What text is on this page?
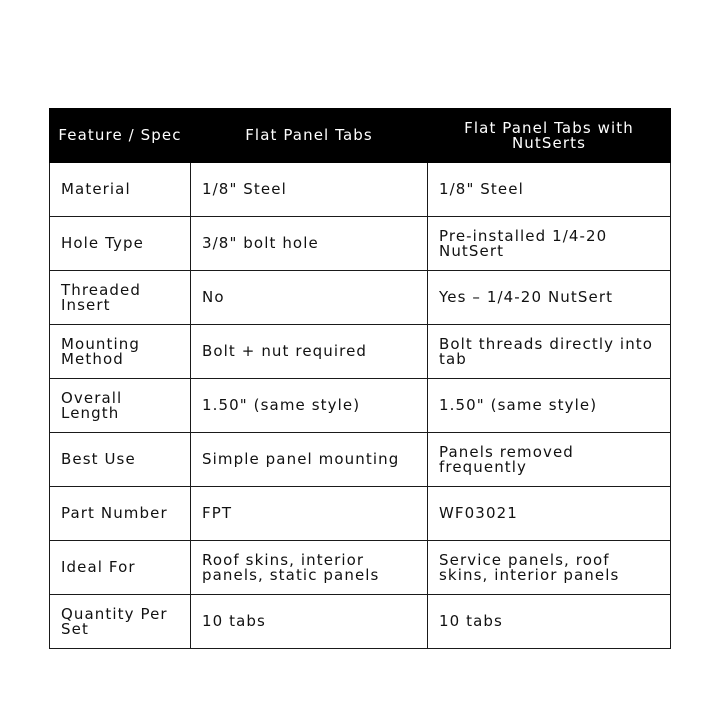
Feature / Spec	Flat Panel Tabs	Flat Panel Tabs with NutSerts
Material	1/8" Steel	1/8" Steel
Hole Type	3/8" bolt hole	Pre-installed 1/4-20 NutSert
Threaded Insert	No	Yes – 1/4-20 NutSert
Mounting Method	Bolt + nut required	Bolt threads directly into tab
Overall Length	1.50" (same style)	1.50" (same style)
Best Use	Simple panel mounting	Panels removed frequently
Part Number	FPT	WF03021
Ideal For	Roof skins, interior panels, static panels	Service panels, roof skins, interior panels
Quantity Per Set	10 tabs	10 tabs
